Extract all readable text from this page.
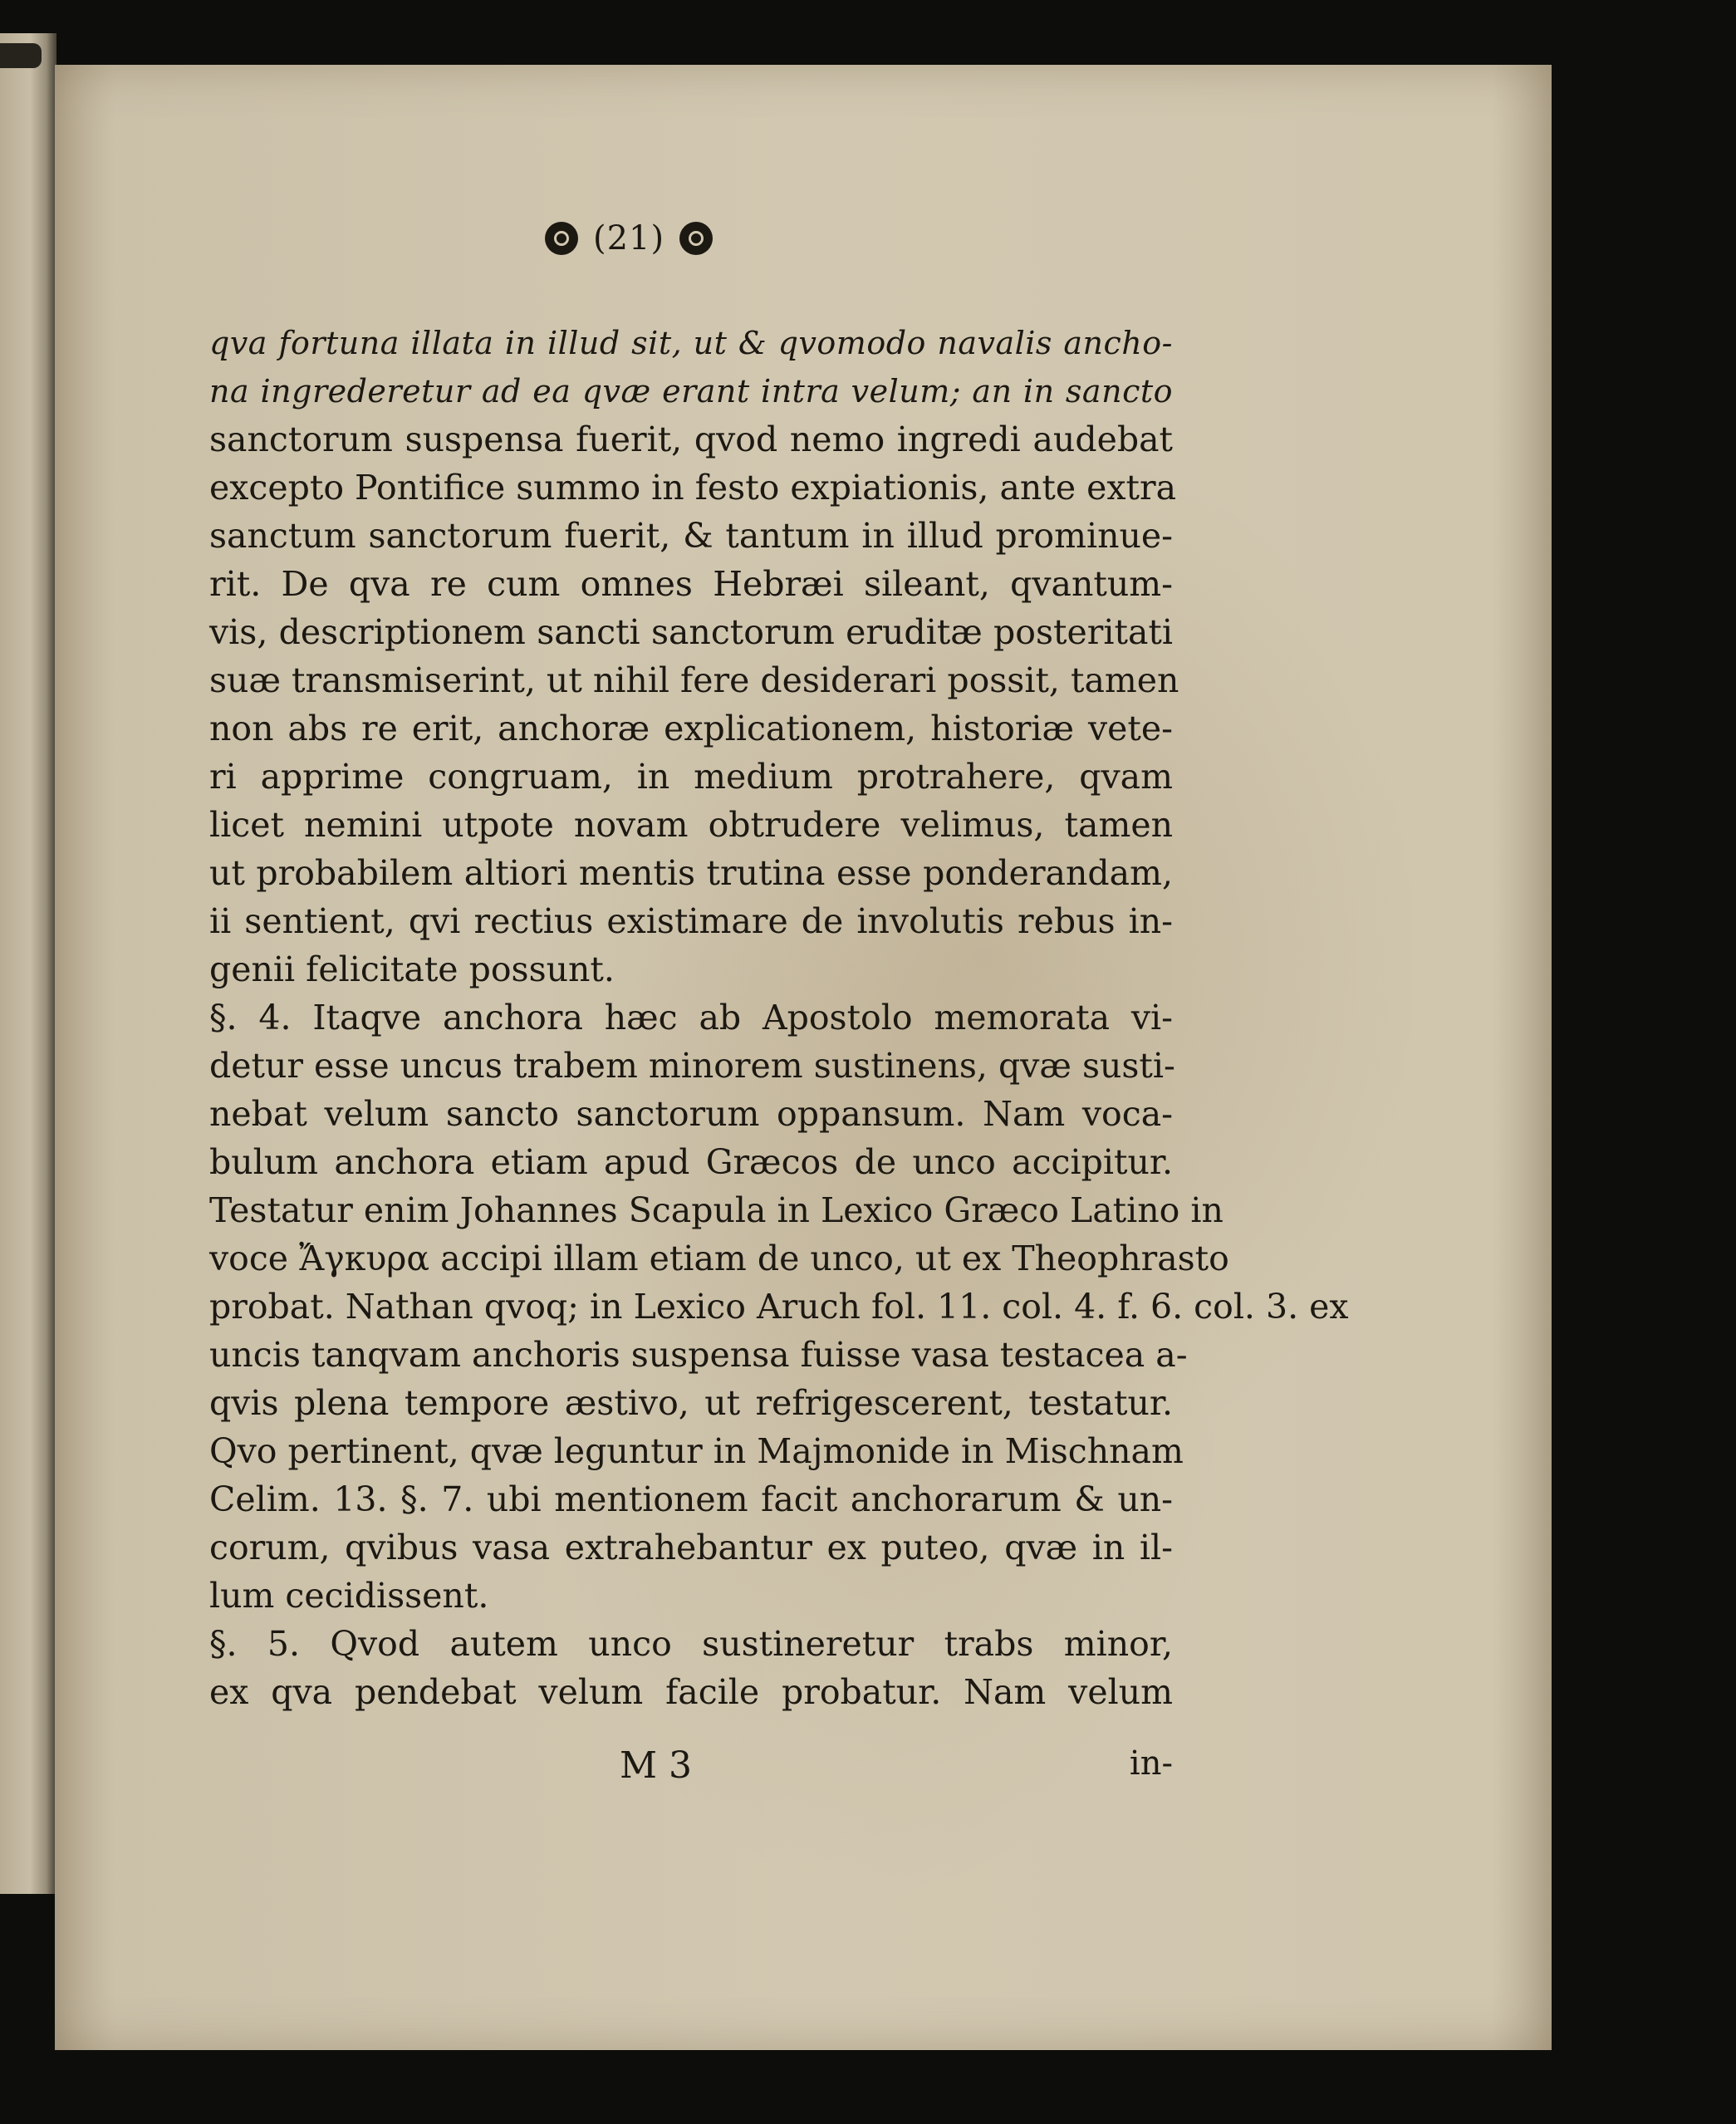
(21)
qva fortuna illata in illud sit, ut & qvomodo navalis ancho-
na ingrederetur ad ea qvæ erant intra velum; an in sancto
sanctorum suspensa fuerit, qvod nemo ingredi audebat
excepto Pontifice summo in festo expiationis, ante extra
sanctum sanctorum fuerit, & tantum in illud prominue-
rit. De qva re cum omnes Hebræi sileant, qvantum-
vis, descriptionem sancti sanctorum eruditæ posteritati
suæ transmiserint, ut nihil fere desiderari possit, tamen
non abs re erit, anchoræ explicationem, historiæ vete-
ri apprime congruam, in medium protrahere, qvam
licet nemini utpote novam obtrudere velimus, tamen
ut probabilem altiori mentis trutina esse ponderandam,
ii sentient, qvi rectius existimare de involutis rebus in-
genii felicitate possunt.
§. 4. Itaqve anchora hæc ab Apostolo memorata vi-
detur esse uncus trabem minorem sustinens, qvæ susti-
nebat velum sancto sanctorum oppansum. Nam voca-
bulum anchora etiam apud Græcos de unco accipitur.
Testatur enim Johannes Scapula in Lexico Græco Latino in
voce Ἄγκυρα accipi illam etiam de unco, ut ex Theophrasto
probat. Nathan qvoq; in Lexico Aruch fol. 11. col. 4. f. 6. col. 3. ex
uncis tanqvam anchoris suspensa fuisse vasa testacea a-
qvis plena tempore æstivo, ut refrigescerent, testatur.
Qvo pertinent, qvæ leguntur in Majmonide in Mischnam
Celim. 13. §. 7. ubi mentionem facit anchorarum & un-
corum, qvibus vasa extrahebantur ex puteo, qvæ in il-
lum cecidissent.
§. 5. Qvod autem unco sustineretur trabs minor,
ex qva pendebat velum facile probatur. Nam velum
M 3	in-
